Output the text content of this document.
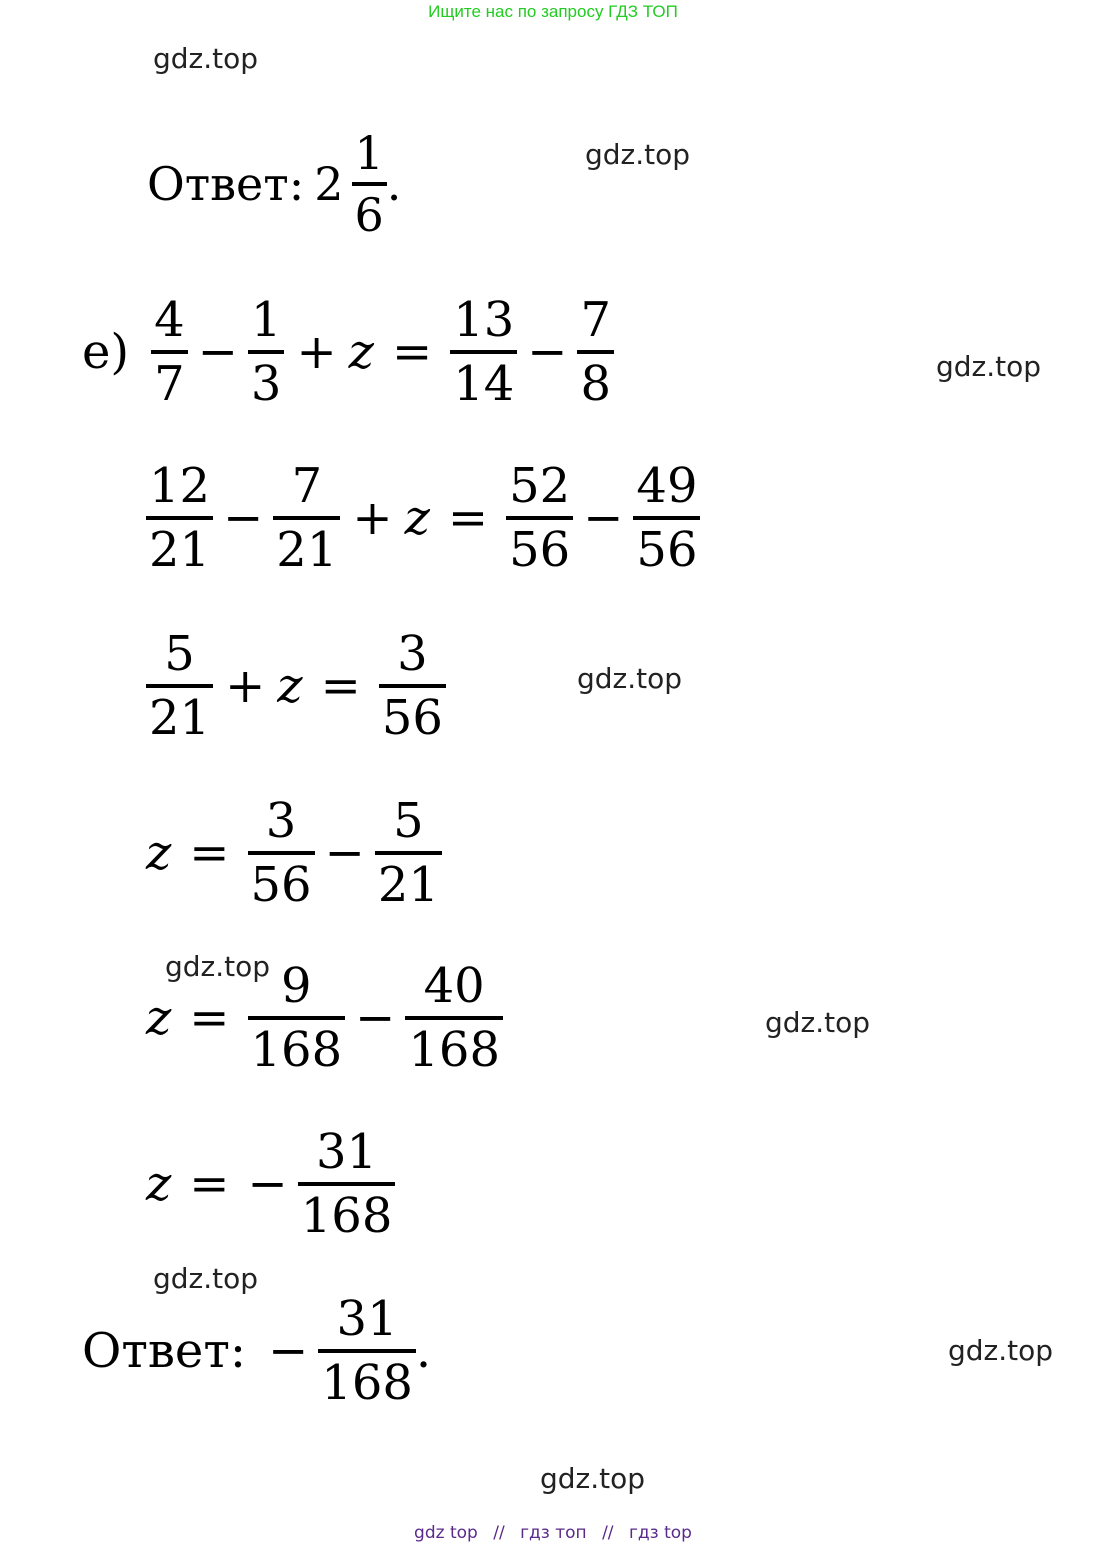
Ищите нас по запросу ГДЗ ТОП
gdz.top
gdz.top
gdz.top
gdz.top
gdz.top
gdz.top
gdz.top
gdz.top
gdz.top
Ответ: $2 \frac{1}{6}$ .
$е) \frac{4}{7} - \frac{1}{3} + z = \frac{13}{14} - \frac{7}{8}$
$\frac{12}{21} - \frac{7}{21} + z = \frac{52}{56} - \frac{49}{56}$
$\frac{5}{21} + z = \frac{3}{56}$
$z = \frac{3}{56} - \frac{5}{21}$
$z = \frac{9}{168} - \frac{40}{168}$
z = − $\frac{31}{168}$
Ответ: − $\frac{31}{168}$ .
gdz top // гдз топ // гдз top
